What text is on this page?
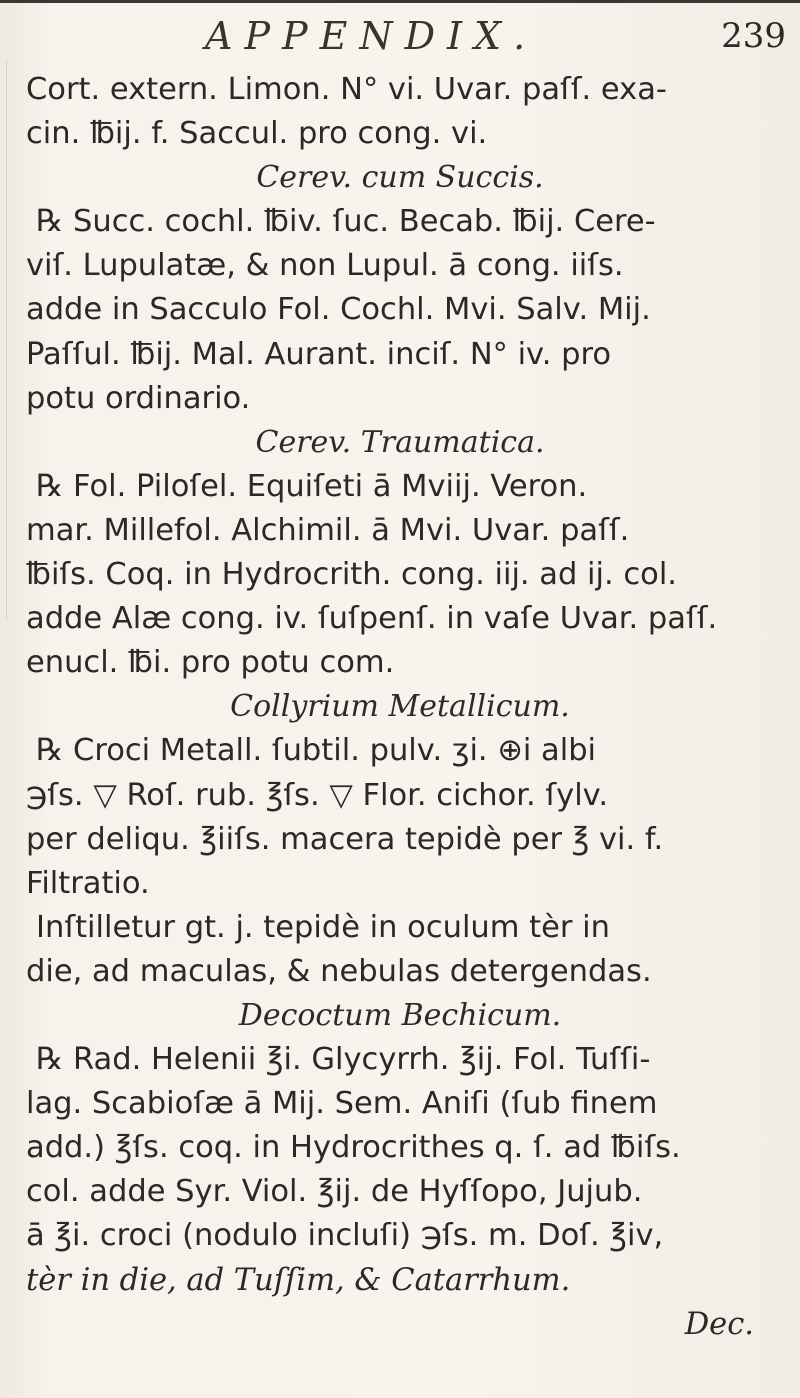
APPENDIX.	239
Cort. extern. Limon. N° vi. Uvar. paſſ. exa-
cin. ℔ij. f. Saccul. pro cong. vi.
Cerev. cum Succis.
℞ Succ. cochl. ℔iv. ſuc. Becab. ℔ij. Cere-
viſ. Lupulatæ, & non Lupul. ā cong. iiſs.
adde in Sacculo Fol. Cochl. Mvi. Salv. Mij.
Paſſul. ℔ij. Mal. Aurant. inciſ. N° iv. pro
potu ordinario.
Cerev. Traumatica.
℞ Fol. Piloſel. Equiſeti ā Mviij. Veron.
mar. Millefol. Alchimil. ā Mvi. Uvar. paſſ.
℔iſs. Coq. in Hydrocrith. cong. iij. ad ij. col.
adde Alæ cong. iv. ſuſpenſ. in vaſe Uvar. paſſ.
enucl. ℔i. pro potu com.
Collyrium Metallicum.
℞ Croci Metall. ſubtil. pulv. ʒi. ⊕i albi
℈ſs. ▽ Roſ. rub. ℥ſs. ▽ Flor. cichor. ſylv.
per deliqu. ℥iiſs. macera tepidè per ℥ vi. f.
Filtratio.
Inſtilletur gt. j. tepidè in oculum tèr in
die, ad maculas, & nebulas detergendas.
Decoctum Bechicum.
℞ Rad. Helenii ℥i. Glycyrrh. ℥ij. Fol. Tuſſi-
lag. Scabioſæ ā Mij. Sem. Aniſi (ſub finem
add.) ℥ſs. coq. in Hydrocrithes q. ſ. ad ℔iſs.
col. adde Syr. Viol. ℥ij. de Hyſſopo, Jujub.
ā ℥i. croci (nodulo incluſi) ℈ſs. m. Doſ. ℥iv,
tèr in die, ad Tuſſim, & Catarrhum.
Dec.
